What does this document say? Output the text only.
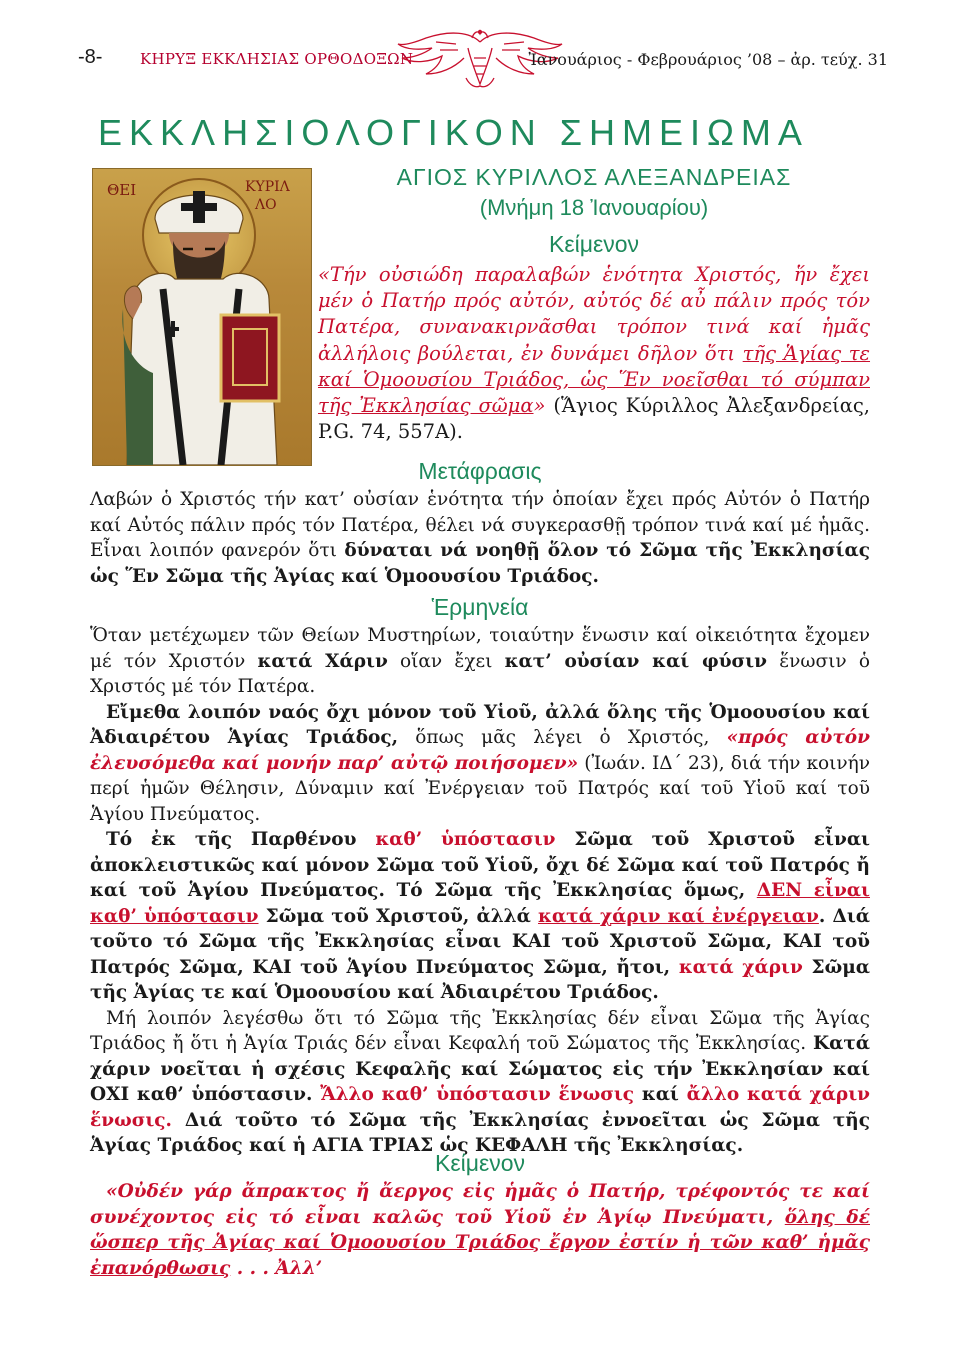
-8-	ΚΗΡΥΞ ΕΚΚΛΗΣΙΑΣ ΟΡΘΟΔΟΞΩΝ	Ἰανουάριος - Φεβρουάριος ’08 – ἀρ. τεύχ. 31
ΕΚΚΛΗΣΙΟΛΟΓΙΚΟΝ ΣΗΜΕΙΩΜΑ
ΘΕΙ	ΚΥΡΙΛ
ΛΟ

ΑΓΙΟΣ ΚΥΡΙΛΛΟΣ ΑΛΕΞΑΝΔΡΕΙΑΣ

(Μνήμη 18 Ἰανουαρίου)

Κείμενον

«Τήν οὐσιώδη παραλαβών ἑνότητα Χριστός, ἥν ἔχει μέν ὁ Πατήρ πρός αὐτόν, αὐτός δέ αὖ πάλιν πρός τόν Πατέρα, συνανακιρνᾶσθαι τρόπον τινά καί ἡμᾶς ἀλλήλοις βούλεται, ἐν δυνάμει δῆλον ὅτι τῆς Ἁγίας τε καί Ὁμοουσίου Τριάδος, ὡς Ἕν νοεῖσθαι τό σύμπαν τῆς Ἐκκλησίας σῶμα» (Ἅγιος Κύριλλος Ἀλεξανδρείας, P.G. 74, 557A).

Μετάφρασις

Λαβών ὁ Χριστός τήν κατ’ οὐσίαν ἑνότητα τήν ὁποίαν ἔχει πρός Αὐτόν ὁ Πατήρ καί Αὐτός πάλιν πρός τόν Πατέρα, θέλει νά συγκερασθῇ τρόπον τινά καί μέ ἡμᾶς. Εἶναι λοιπόν φανερόν ὅτι δύναται νά νοηθῇ ὅλον τό Σῶμα τῆς Ἐκκλησίας ὡς Ἕν Σῶμα τῆς Ἁγίας καί Ὁμοουσίου Τριάδος.

Ἑρμηνεία

Ὅταν μετέχωμεν τῶν Θείων Μυστηρίων, τοιαύτην ἕνωσιν καί οἰκειότητα ἔχομεν μέ τόν Χριστόν κατά Χάριν οἵαν ἔχει κατ’ οὐσίαν καί φύσιν ἕνωσιν ὁ Χριστός μέ τόν Πατέρα.

Εἴμεθα λοιπόν ναός ὄχι μόνον τοῦ Υἱοῦ, ἀλλά ὅλης τῆς Ὁμοουσίου καί Ἀδιαιρέτου Ἁγίας Τριάδος, ὅπως μᾶς λέγει ὁ Χριστός, «πρός αὐτόν ἐλευσόμεθα καί μονήν παρ’ αὐτῷ ποιήσομεν» (Ἰωάν. ΙΔ΄ 23), διά τήν κοινήν περί ἡμῶν Θέλησιν, Δύναμιν καί Ἐνέργειαν τοῦ Πατρός καί τοῦ Υἱοῦ καί τοῦ Ἁγίου Πνεύματος.

Τό ἐκ τῆς Παρθένου καθ’ ὑπόστασιν Σῶμα τοῦ Χριστοῦ εἶναι ἀποκλειστικῶς καί μόνον Σῶμα τοῦ Υἱοῦ, ὄχι δέ Σῶμα καί τοῦ Πατρός ἤ καί τοῦ Ἁγίου Πνεύματος. Τό Σῶμα τῆς Ἐκκλησίας ὅμως, ΔΕΝ εἶναι καθ’ ὑπόστασιν Σῶμα τοῦ Χριστοῦ, ἀλλά κατά χάριν καί ἐνέργειαν. Διά τοῦτο τό Σῶμα τῆς Ἐκκλησίας εἶναι ΚΑΙ τοῦ Χριστοῦ Σῶμα, ΚΑΙ τοῦ Πατρός Σῶμα, ΚΑΙ τοῦ Ἁγίου Πνεύματος Σῶμα, ἤτοι, κατά χάριν Σῶμα τῆς Ἁγίας τε καί Ὁμοουσίου καί Ἀδιαιρέτου Τριάδος.

Μή λοιπόν λεγέσθω ὅτι τό Σῶμα τῆς Ἐκκλησίας δέν εἶναι Σῶμα τῆς Ἁγίας Τριάδος ἤ ὅτι ἡ Ἁγία Τριάς δέν εἶναι Κεφαλή τοῦ Σώματος τῆς Ἐκκλησίας. Κατά χάριν νοεῖται ἡ σχέσις Κεφαλῆς καί Σώματος εἰς τήν Ἐκκλησίαν καί ΟΧΙ καθ’ ὑπόστασιν. Ἄλλο καθ’ ὑπόστασιν ἕνωσις καί ἄλλο κατά χάριν ἕνωσις. Διά τοῦτο τό Σῶμα τῆς Ἐκκλησίας ἐννοεῖται ὡς Σῶμα τῆς Ἁγίας Τριάδος καί ἡ ΑΓΙΑ ΤΡΙΑΣ ὡς ΚΕΦΑΛΗ τῆς Ἐκκλησίας.

Κείμενον

«Οὐδέν γάρ ἄπρακτος ἤ ἄεργος εἰς ἡμᾶς ὁ Πατήρ, τρέφοντός τε καί συνέχοντος εἰς τό εἶναι καλῶς τοῦ Υἱοῦ ἐν Ἁγίῳ Πνεύματι, ὅλης δέ ὥσπερ τῆς Ἁγίας καί Ὁμοουσίου Τριάδος ἔργον ἐστίν ἡ τῶν καθ’ ἡμᾶς ἐπανόρθωσις . . . Ἀλλ’
